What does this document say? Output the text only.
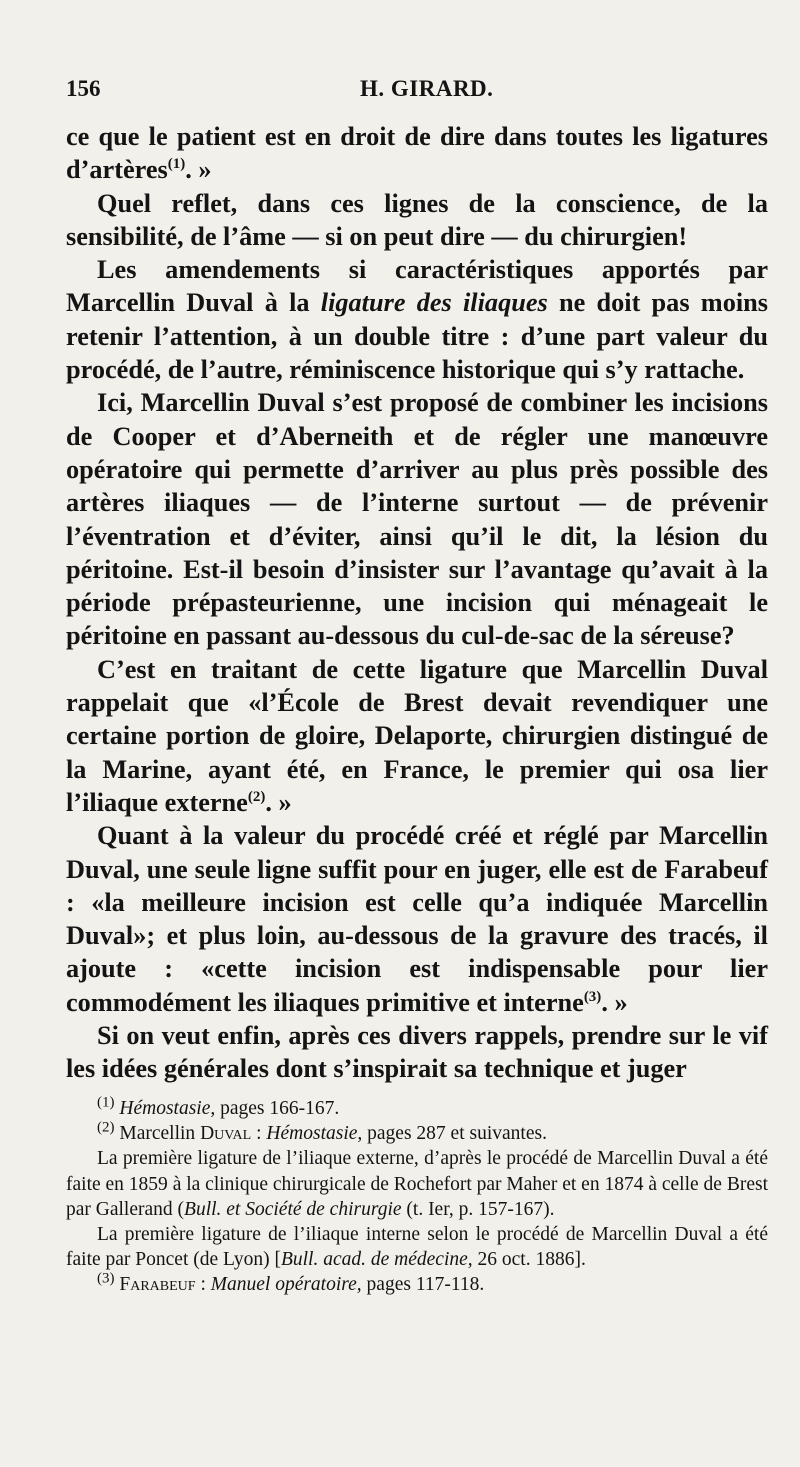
156	H. GIRARD.

ce que le patient est en droit de dire dans toutes les ligatures d’artères$^{(1)}$. »

Quel reflet, dans ces lignes de la conscience, de la sensibilité, de l’âme — si on peut dire — du chirurgien!

Les amendements si caractéristiques apportés par Marcellin Duval à la ligature des iliaques ne doit pas moins retenir l’attention, à un double titre : d’une part valeur du procédé, de l’autre, réminiscence historique qui s’y rattache.

Ici, Marcellin Duval s’est proposé de combiner les incisions de Cooper et d’Aberneith et de régler une manœuvre opératoire qui permette d’arriver au plus près possible des artères iliaques — de l’interne surtout — de prévenir l’éventration et d’éviter, ainsi qu’il le dit, la lésion du péritoine. Est-il besoin d’insister sur l’avantage qu’avait à la période prépasteurienne, une incision qui ménageait le péritoine en passant au-dessous du cul-de-sac de la séreuse?

C’est en traitant de cette ligature que Marcellin Duval rappelait que «l’École de Brest devait revendiquer une certaine portion de gloire, Delaporte, chirurgien distingué de la Marine, ayant été, en France, le premier qui osa lier l’iliaque externe$^{(2)}$. »

Quant à la valeur du procédé créé et réglé par Marcellin Duval, une seule ligne suffit pour en juger, elle est de Farabeuf : «la meilleure incision est celle qu’a indiquée Marcellin Duval»; et plus loin, au-dessous de la gravure des tracés, il ajoute : «cette incision est indispensable pour lier commodément les iliaques primitive et interne$^{(3)}$. »

Si on veut enfin, après ces divers rappels, prendre sur le vif les idées générales dont s’inspirait sa technique et juger

$^{(1)}$ Hémostasie, pages 166-167.

$^{(2)}$ Marcellin Duval : Hémostasie, pages 287 et suivantes.

La première ligature de l’iliaque externe, d’après le procédé de Marcellin Duval a été faite en 1859 à la clinique chirurgicale de Rochefort par Maher et en 1874 à celle de Brest par Gallerand (Bull. et Société de chirurgie (t. Ier, p. 157-167).

La première ligature de l’iliaque interne selon le procédé de Marcellin Duval a été faite par Poncet (de Lyon) [Bull. acad. de médecine, 26 oct. 1886].

$^{(3)}$ Farabeuf : Manuel opératoire, pages 117-118.
